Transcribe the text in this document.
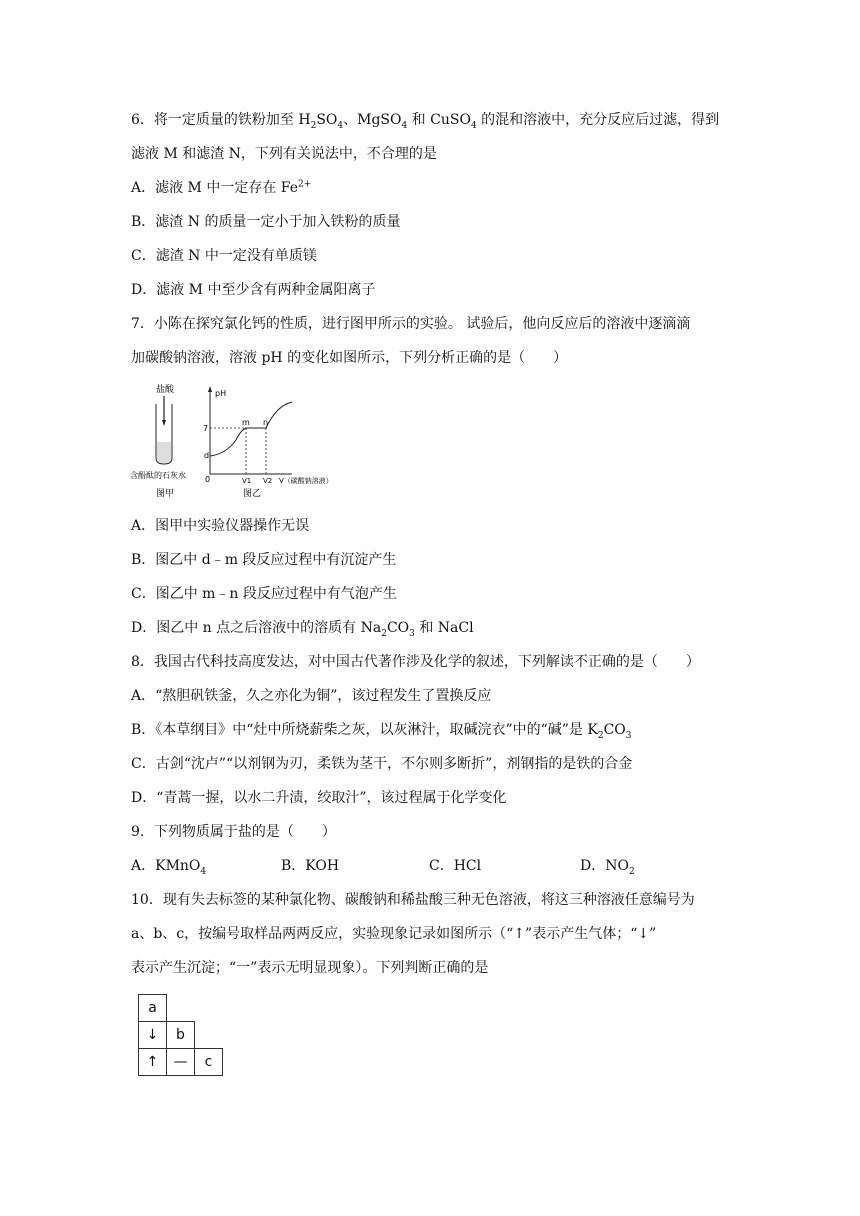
6．将一定质量的铁粉加至 $H_2SO_4$、MgSO$_4$ 和 CuSO$_4$ 的混和溶液中，充分反应后过滤，得到
滤液 M 和滤渣 N，下列有关说法中，不合理的是
A．滤液 M 中一定存在 $Fe^{2+}$
B．滤渣 N 的质量一定小于加入铁粉的质量
C．滤渣 N 中一定没有单质镁
D．滤液 M 中至少含有两种金属阳离子
7．小陈在探究氯化钙的性质，进行图甲所示的实验。 试验后，他向反应后的溶液中逐滴滴
加碳酸钠溶液，溶液 pH 的变化如图所示，下列分析正确的是（　　）
盐酸
含酚酞的石灰水
图甲
pH
7
0
d
m n
V1 V2 V（碳酸钠溶液）
图乙
A．图甲中实验仪器操作无误
B．图乙中 d﹣m 段反应过程中有沉淀产生
C．图乙中 m﹣n 段反应过程中有气泡产生
D．图乙中 n 点之后溶液中的溶质有 $Na_2CO_3$ 和 NaCl
8．我国古代科技高度发达，对中国古代著作涉及化学的叙述，下列解读不正确的是（　　）
A．“熬胆矾铁釜，久之亦化为铜”，该过程发生了置换反应
B．《本草纲目》中“灶中所烧薪柴之灰，以灰淋汁，取碱浣衣”中的“碱”是 $K_2CO_3$
C．古剑“沈卢”“以剂钢为刃，柔铁为茎干，不尔则多断折”，剂钢指的是铁的合金
D．“青蒿一握，以水二升渍，绞取汁”，该过程属于化学变化
9．下列物质属于盐的是（　　）
A．KMnO$_4$	B．KOH	C．HCl	D．$NO_2$
10．现有失去标签的某种氯化物、碳酸钠和稀盐酸三种无色溶液，将这三种溶液任意编号为
a、b、c，按编号取样品两两反应，实验现象记录如图所示（“↑”表示产生气体；“↓”
表示产生沉淀；“一”表示无明显现象）。下列判断正确的是
a
↓	b
↑	—	c
